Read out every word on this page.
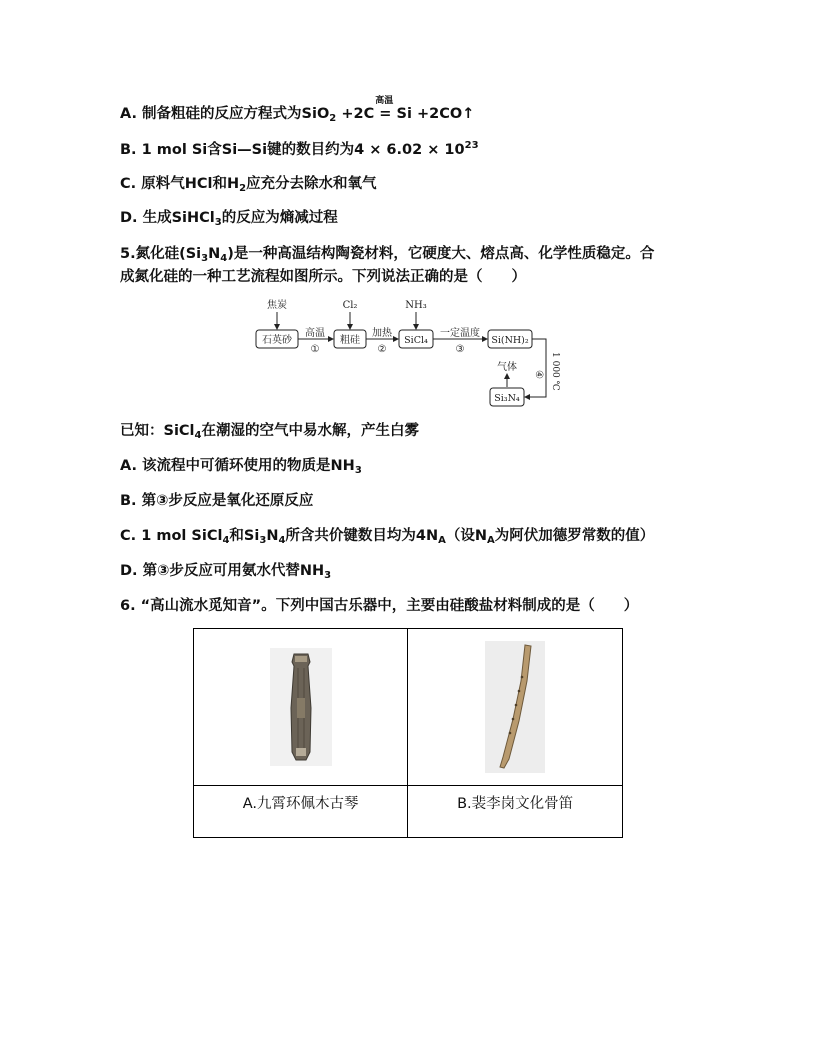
A. 制备粗硅的反应方程式为SiO$_2$ +2C
高温
= Si +2CO↑
B. 1 mol Si含Si—Si键的数目约为$4 \times 6.02 \times 10^{23}$
C. 原料气HCl和$H_2$应充分去除水和氧气
D. 生成SiHCl$_3$的反应为熵减过程
5.氮化硅$(Si_3N_4)$是一种高温结构陶瓷材料，它硬度大、熔点高、化学性质稳定。合
成氮化硅的一种工艺流程如图所示。下列说法正确的是（　　）
石英砂	粗硅	SiCl₄	Si(NH)₂
Si₃N₄
焦炭	Cl₂	NH₃
高温
①
加热
②
一定温度
③
1 000 ℃
④
气体
已知：SiCl$_4$在潮湿的空气中易水解，产生白雾
A. 该流程中可循环使用的物质是$NH_3$
B. 第③步反应是氧化还原反应
C. 1 mol SiCl$_4$和$Si_3N_4$所含共价键数目均为$4N_A$（设$N_A$为阿伏加德罗常数的值）
D. 第③步反应可用氨水代替$NH_3$
6. “高山流水觅知音”。下列中国古乐器中，主要由硅酸盐材料制成的是（　　）

A.九霄环佩木古琴	B.裴李岗文化骨笛
